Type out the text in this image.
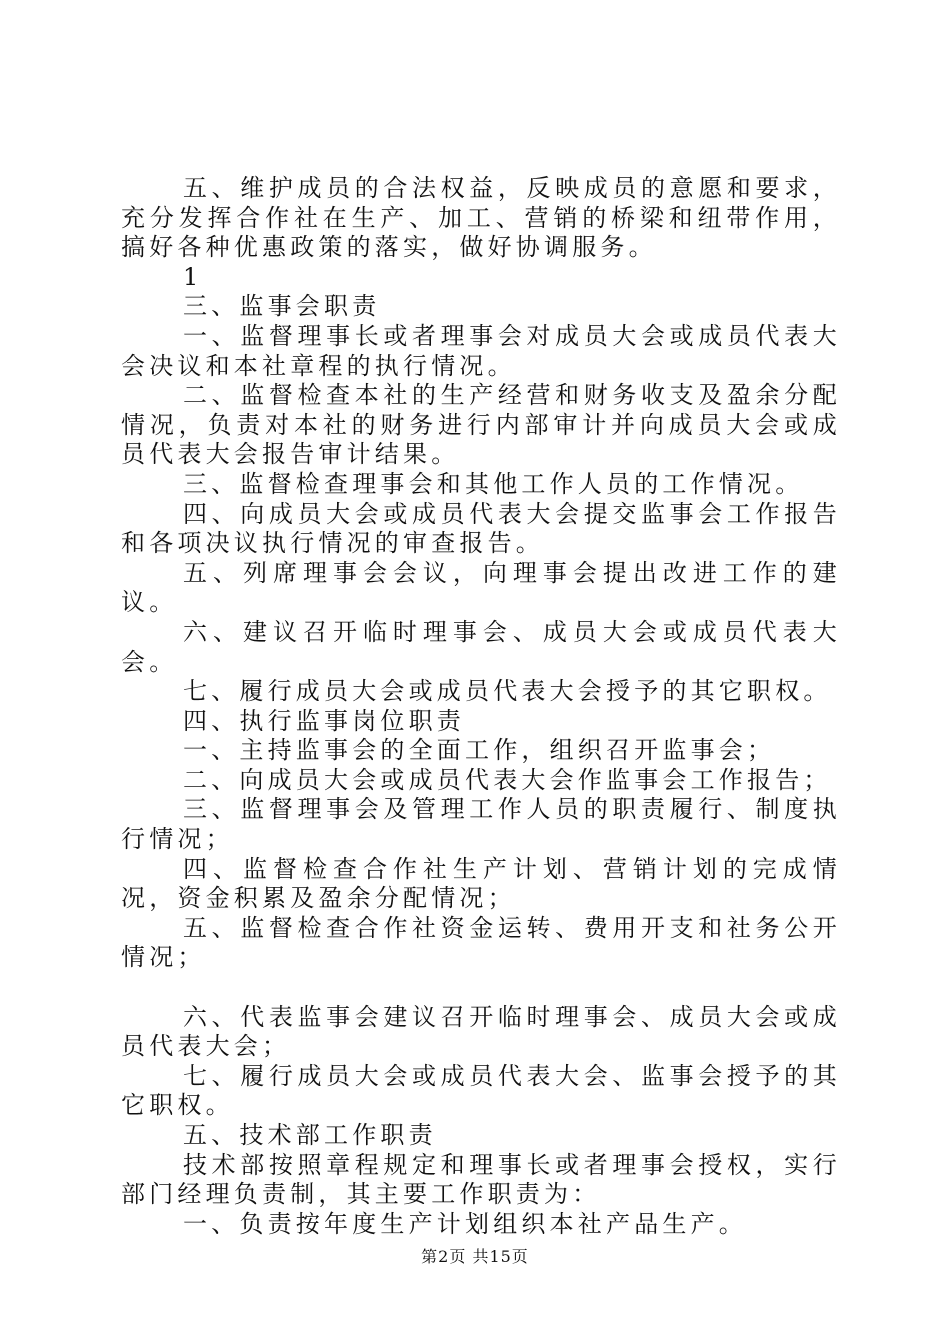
五、维护成员的合法权益，反映成员的意愿和要求，充分发挥合作社在生产、加工、营销的桥梁和纽带作用，搞好各种优惠政策的落实，做好协调服务。

1

三、监事会职责

一、监督理事长或者理事会对成员大会或成员代表大会决议和本社章程的执行情况。

二、监督检查本社的生产经营和财务收支及盈余分配情况，负责对本社的财务进行内部审计并向成员大会或成员代表大会报告审计结果。

三、监督检查理事会和其他工作人员的工作情况。

四、向成员大会或成员代表大会提交监事会工作报告和各项决议执行情况的审查报告。

五、列席理事会会议，向理事会提出改进工作的建议。

六、建议召开临时理事会、成员大会或成员代表大会。

七、履行成员大会或成员代表大会授予的其它职权。

四、执行监事岗位职责

一、主持监事会的全面工作，组织召开监事会；

二、向成员大会或成员代表大会作监事会工作报告；

三、监督理事会及管理工作人员的职责履行、制度执行情况；

四、监督检查合作社生产计划、营销计划的完成情况，资金积累及盈余分配情况；

五、监督检查合作社资金运转、费用开支和社务公开情况；

六、代表监事会建议召开临时理事会、成员大会或成员代表大会；

七、履行成员大会或成员代表大会、监事会授予的其它职权。

五、技术部工作职责

技术部按照章程规定和理事长或者理事会授权，实行部门经理负责制，其主要工作职责为：

一、负责按年度生产计划组织本社产品生产。

第2页 共15页
